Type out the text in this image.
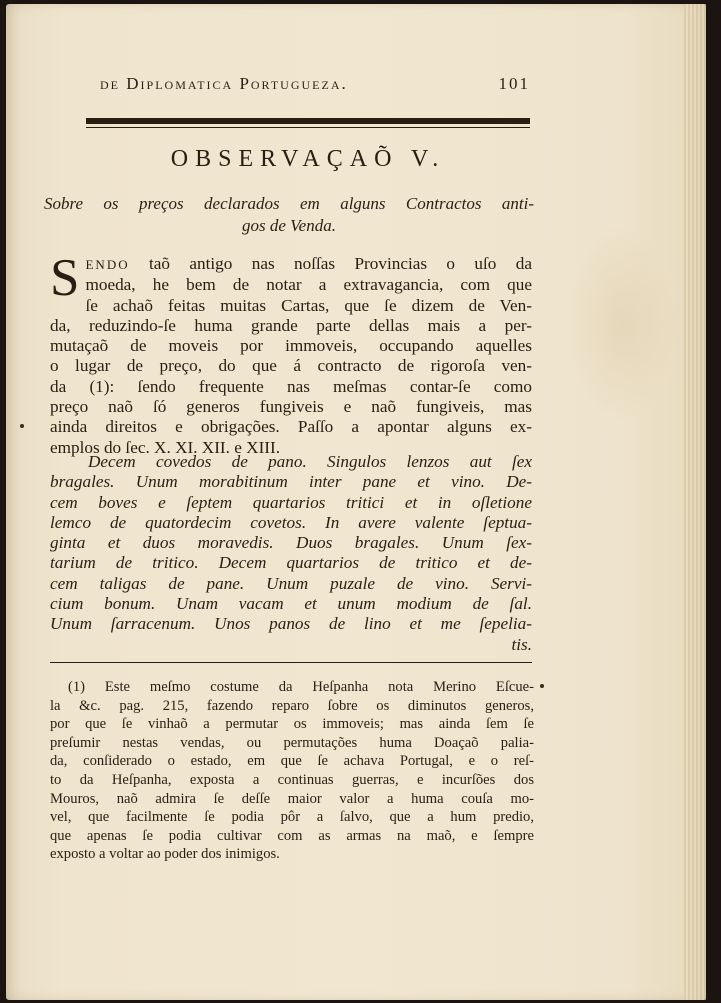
de Diplomatica Portugueza.	101
OBSERVAÇAÕ V.
Sobre os preços declarados em alguns Contractos anti-
gos de Venda.
S ENDO taõ antigo nas noſſas Provincias o uſo da
moeda, he bem de notar a extravagancia, com que
ſe achaõ feitas muitas Cartas, que ſe dizem de Ven-
da, reduzindo-ſe huma grande parte dellas mais a per-
mutaçaõ de moveis por immoveis, occupando aquelles
o lugar de preço, do que á contracto de rigoroſa ven-
da (1): ſendo frequente nas meſmas contar-ſe como
preço naõ ſó generos fungiveis e naõ fungiveis, mas
ainda direitos e obrigações. Paſſo a apontar alguns ex-
emplos do ſec. X. XI. XII. e XIII.
Decem covedos de pano. Singulos lenzos aut ſex
bragales. Unum morabitinum inter pane et vino. De-
cem boves e ſeptem quartarios tritici et in oſletione
lemco de quatordecim covetos. In avere valente ſeptua-
ginta et duos moravedis. Duos bragales. Unum ſex-
tarium de tritico. Decem quartarios de tritico et de-
cem taligas de pane. Unum puzale de vino. Servi-
cium bonum. Unam vacam et unum modium de ſal.
Unum ſarracenum. Unos panos de lino et me ſepelia-
tis.
(1) Este meſmo costume da Heſpanha nota Merino Eſcue-
la &c. pag. 215, fazendo reparo ſobre os diminutos generos,
por que ſe vinhaõ a permutar os immoveis; mas ainda ſem ſe
preſumir nestas vendas, ou permutações huma Doaçaõ palia-
da, conſiderado o estado, em que ſe achava Portugal, e o reſ-
to da Heſpanha, exposta a continuas guerras, e incurſões dos
Mouros, naõ admira ſe deſſe maior valor a huma couſa mo-
vel, que facilmente ſe podia pôr a ſalvo, que a hum predio,
que apenas ſe podia cultivar com as armas na maõ, e ſempre
exposto a voltar ao poder dos inimigos.
